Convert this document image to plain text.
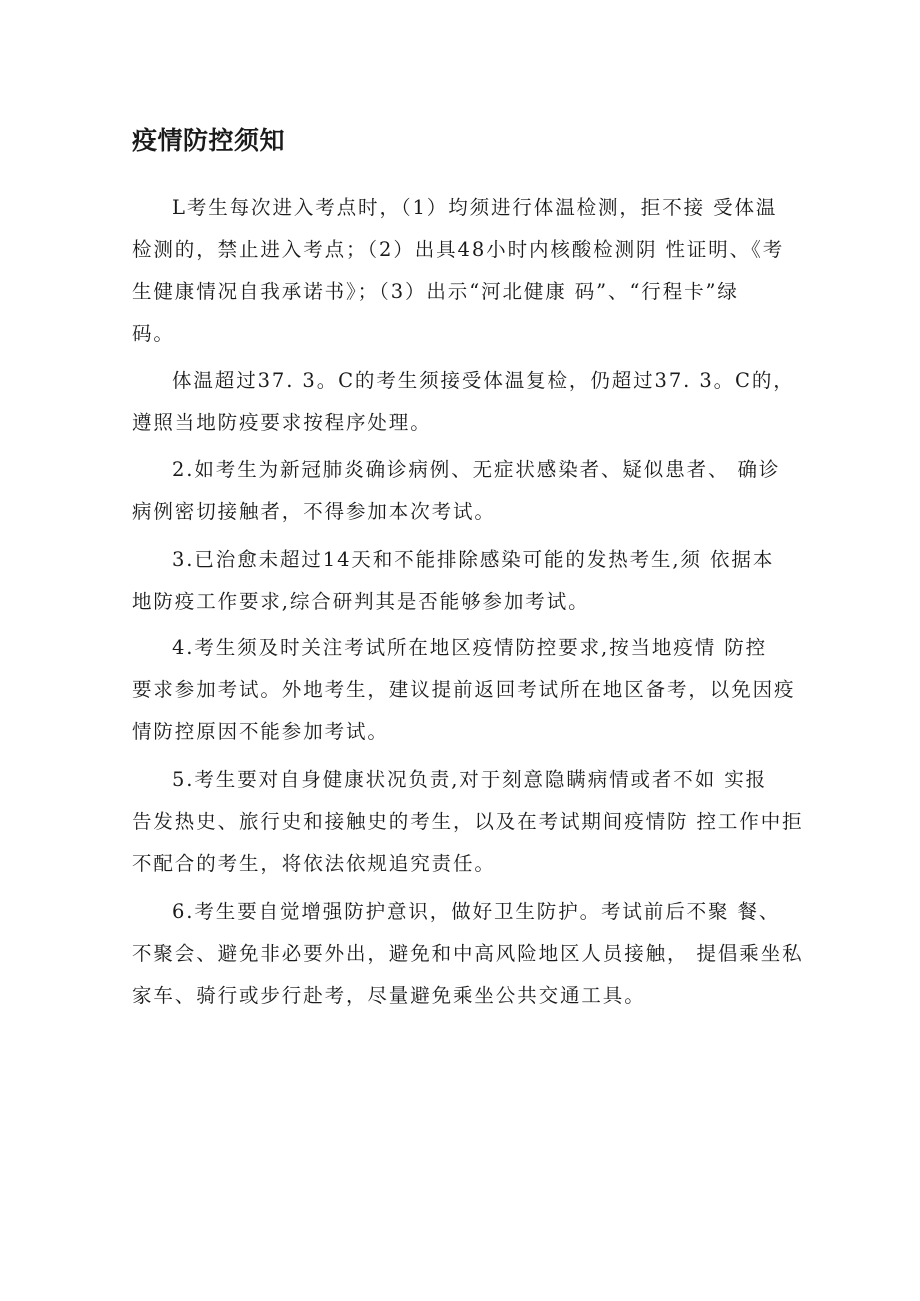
疫情防控须知
L考生每次进入考点时，（1）均须进行体温检测，拒不接 受体温
检测的，禁止进入考点；（2）出具48小时内核酸检测阴 性证明、《考
生健康情况自我承诺书》；（3）出示“河北健康 码”、“行程卡”绿
码。
体温超过37. 3。C的考生须接受体温复检，仍超过37. 3。C的，
遵照当地防疫要求按程序处理。
2.如考生为新冠肺炎确诊病例、无症状感染者、疑似患者、 确诊
病例密切接触者，不得参加本次考试。
3.已治愈未超过14天和不能排除感染可能的发热考生,须 依据本
地防疫工作要求,综合研判其是否能够参加考试。
4.考生须及时关注考试所在地区疫情防控要求,按当地疫情 防控
要求参加考试。外地考生，建议提前返回考试所在地区备考，以免因疫
情防控原因不能参加考试。
5.考生要对自身健康状况负责,对于刻意隐瞒病情或者不如 实报
告发热史、旅行史和接触史的考生，以及在考试期间疫情防 控工作中拒
不配合的考生，将依法依规追究责任。
6.考生要自觉增强防护意识，做好卫生防护。考试前后不聚 餐、
不聚会、避免非必要外出，避免和中高风险地区人员接触， 提倡乘坐私
家车、骑行或步行赴考，尽量避免乘坐公共交通工具。
